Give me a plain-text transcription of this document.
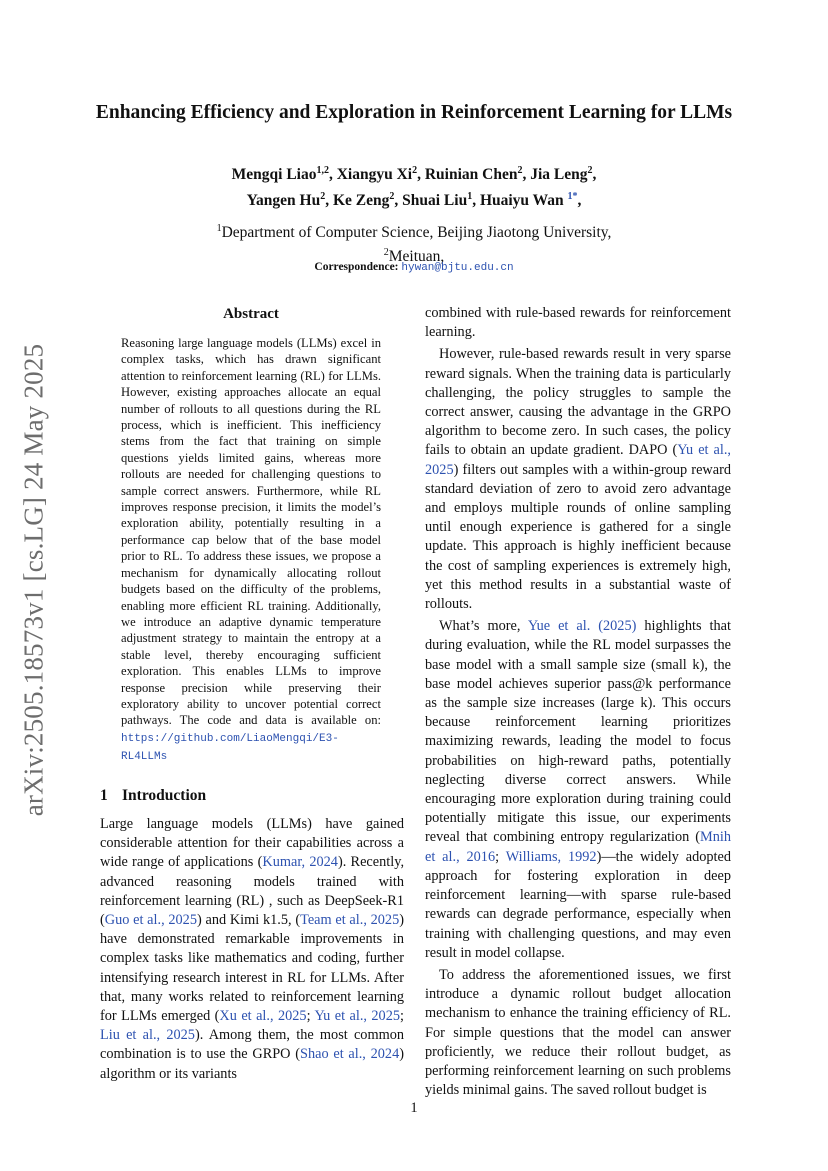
arXiv:2505.18573v1 [cs.LG] 24 May 2025
Enhancing Efficiency and Exploration in Reinforcement Learning for LLMs
Mengqi Liao$^{1,2}$, Xiangyu Xi$^2$, Ruinian Chen$^2$, Jia Leng$^2$,
Yangen Hu$^2$, Ke Zeng$^2$, Shuai Liu$^1$, Huaiyu Wan $^{1*}$,
$^1$Department of Computer Science, Beijing Jiaotong University,
$^2$Meituan,
Correspondence: hywan@bjtu.edu.cn
Abstract
Reasoning large language models (LLMs) excel in complex tasks, which has drawn significant attention to reinforcement learning (RL) for LLMs. However, existing approaches allocate an equal number of rollouts to all questions during the RL process, which is inefficient. This inefficiency stems from the fact that training on simple questions yields limited gains, whereas more rollouts are needed for challenging questions to sample correct answers. Furthermore, while RL improves response precision, it limits the model’s exploration ability, potentially resulting in a performance cap below that of the base model prior to RL. To address these issues, we propose a mechanism for dynamically allocating rollout budgets based on the difficulty of the problems, enabling more efficient RL training. Additionally, we introduce an adaptive dynamic temperature adjustment strategy to maintain the entropy at a stable level, thereby encouraging sufficient exploration. This enables LLMs to improve response precision while preserving their exploratory ability to uncover potential correct pathways. The code and data is available on: https://github.com/LiaoMengqi/E3-RL4LLMs
1 Introduction

Large language models (LLMs) have gained considerable attention for their capabilities across a wide range of applications (Kumar, 2024). Recently, advanced reasoning models trained with reinforcement learning (RL) , such as DeepSeek-R1 (Guo et al., 2025) and Kimi k1.5, (Team et al., 2025) have demonstrated remarkable improvements in complex tasks like mathematics and coding, further intensifying research interest in RL for LLMs. After that, many works related to reinforcement learning for LLMs emerged (Xu et al., 2025; Yu et al., 2025; Liu et al., 2025). Among them, the most common combination is to use the GRPO (Shao et al., 2024) algorithm or its variants

combined with rule-based rewards for reinforcement learning.

However, rule-based rewards result in very sparse reward signals. When the training data is particularly challenging, the policy struggles to sample the correct answer, causing the advantage in the GRPO algorithm to become zero. In such cases, the policy fails to obtain an update gradient. DAPO (Yu et al., 2025) filters out samples with a within-group reward standard deviation of zero to avoid zero advantage and employs multiple rounds of online sampling until enough experience is gathered for a single update. This approach is highly inefficient because the cost of sampling experiences is extremely high, yet this method results in a substantial waste of rollouts.

What’s more, Yue et al. (2025) highlights that during evaluation, while the RL model surpasses the base model with a small sample size (small k), the base model achieves superior pass@k performance as the sample size increases (large k). This occurs because reinforcement learning prioritizes maximizing rewards, leading the model to focus probabilities on high-reward paths, potentially neglecting diverse correct answers. While encouraging more exploration during training could potentially mitigate this issue, our experiments reveal that combining entropy regularization (Mnih et al., 2016; Williams, 1992)—the widely adopted approach for fostering exploration in deep reinforcement learning—with sparse rule-based rewards can degrade performance, especially when training with challenging questions, and may even result in model collapse.

To address the aforementioned issues, we first introduce a dynamic rollout budget allocation mechanism to enhance the training efficiency of RL. For simple questions that the model can answer proficiently, we reduce their rollout budget, as performing reinforcement learning on such problems yields minimal gains. The saved rollout budget is

1
